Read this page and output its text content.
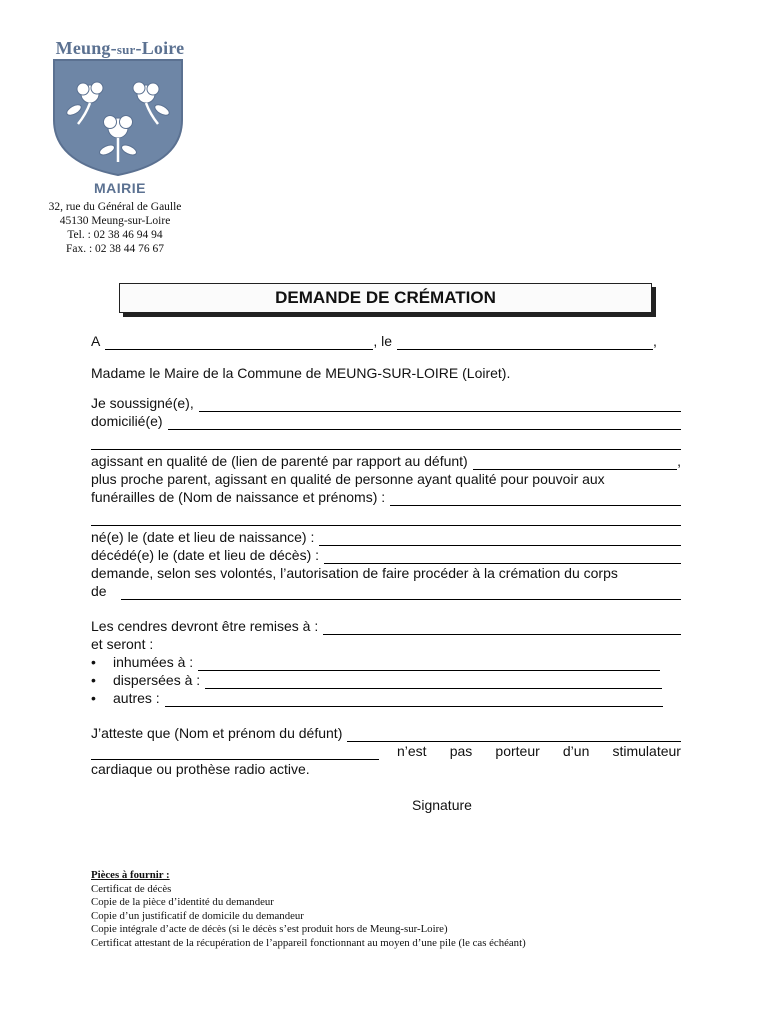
Meung-sur-Loire
MAIRIE
32, rue du Général de Gaulle
45130 Meung-sur-Loire
Tel. : 02 38 46 94 94
Fax. : 02 38 44 76 67
DEMANDE DE CRÉMATION
A	, le	,
Madame le Maire de la Commune de MEUNG-SUR-LOIRE (Loiret).
Je soussigné(e),
domicilié(e)
agissant en qualité de (lien de parenté par rapport au défunt)	,
plus proche parent, agissant en qualité de personne ayant qualité pour pouvoir aux
funérailles de (Nom de naissance et prénoms) :
né(e) le (date et lieu de naissance) :
décédé(e) le (date et lieu de décès) :
demande, selon ses volontés, l’autorisation de faire procéder à la crémation du corps
de
Les cendres devront être remises à :
et seront :
•	inhumées à :
•	dispersées à :
•	autres :
J’atteste que (Nom et prénom du défunt)
n’est pas porteur d’un stimulateur
cardiaque ou prothèse radio active.
Signature
Pièces à fournir :
Certificat de décès
Copie de la pièce d’identité du demandeur
Copie d’un justificatif de domicile du demandeur
Copie intégrale d’acte de décès (si le décès s’est produit hors de Meung-sur-Loire)
Certificat attestant de la récupération de l’appareil fonctionnant au moyen d’une pile (le cas échéant)
